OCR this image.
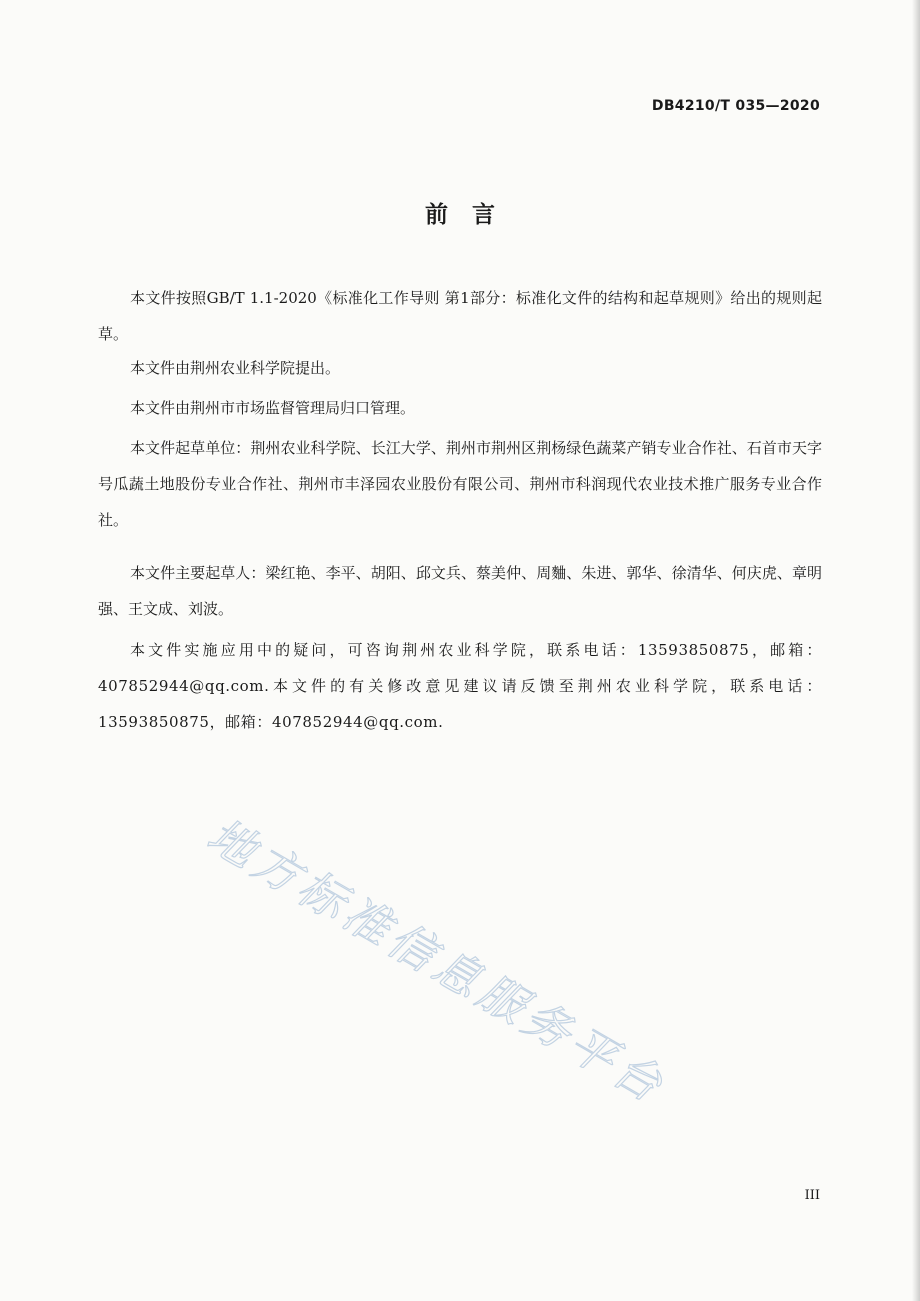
DB4210/T 035—2020
前言

本文件按照GB/T 1.1-2020《标准化工作导则 第1部分：标准化文件的结构和起草规则》给出的规则起草。

本文件由荆州农业科学院提出。

本文件由荆州市市场监督管理局归口管理。

本文件起草单位：荆州农业科学院、长江大学、荆州市荆州区荆杨绿色蔬菜产销专业合作社、石首市天字号瓜蔬土地股份专业合作社、荆州市丰泽园农业股份有限公司、荆州市科润现代农业技术推广服务专业合作社。

本文件主要起草人：梁红艳、李平、胡阳、邱文兵、蔡美仲、周麯、朱进、郭华、徐清华、何庆虎、章明强、王文成、刘波。

本文件实施应用中的疑问，可咨询荆州农业科学院，联系电话：13593850875，邮箱：407852944@qq.com.本文件的有关修改意见建议请反馈至荆州农业科学院，联系电话：13593850875，邮箱：407852944@qq.com.

地方标准信息服务平台
III
